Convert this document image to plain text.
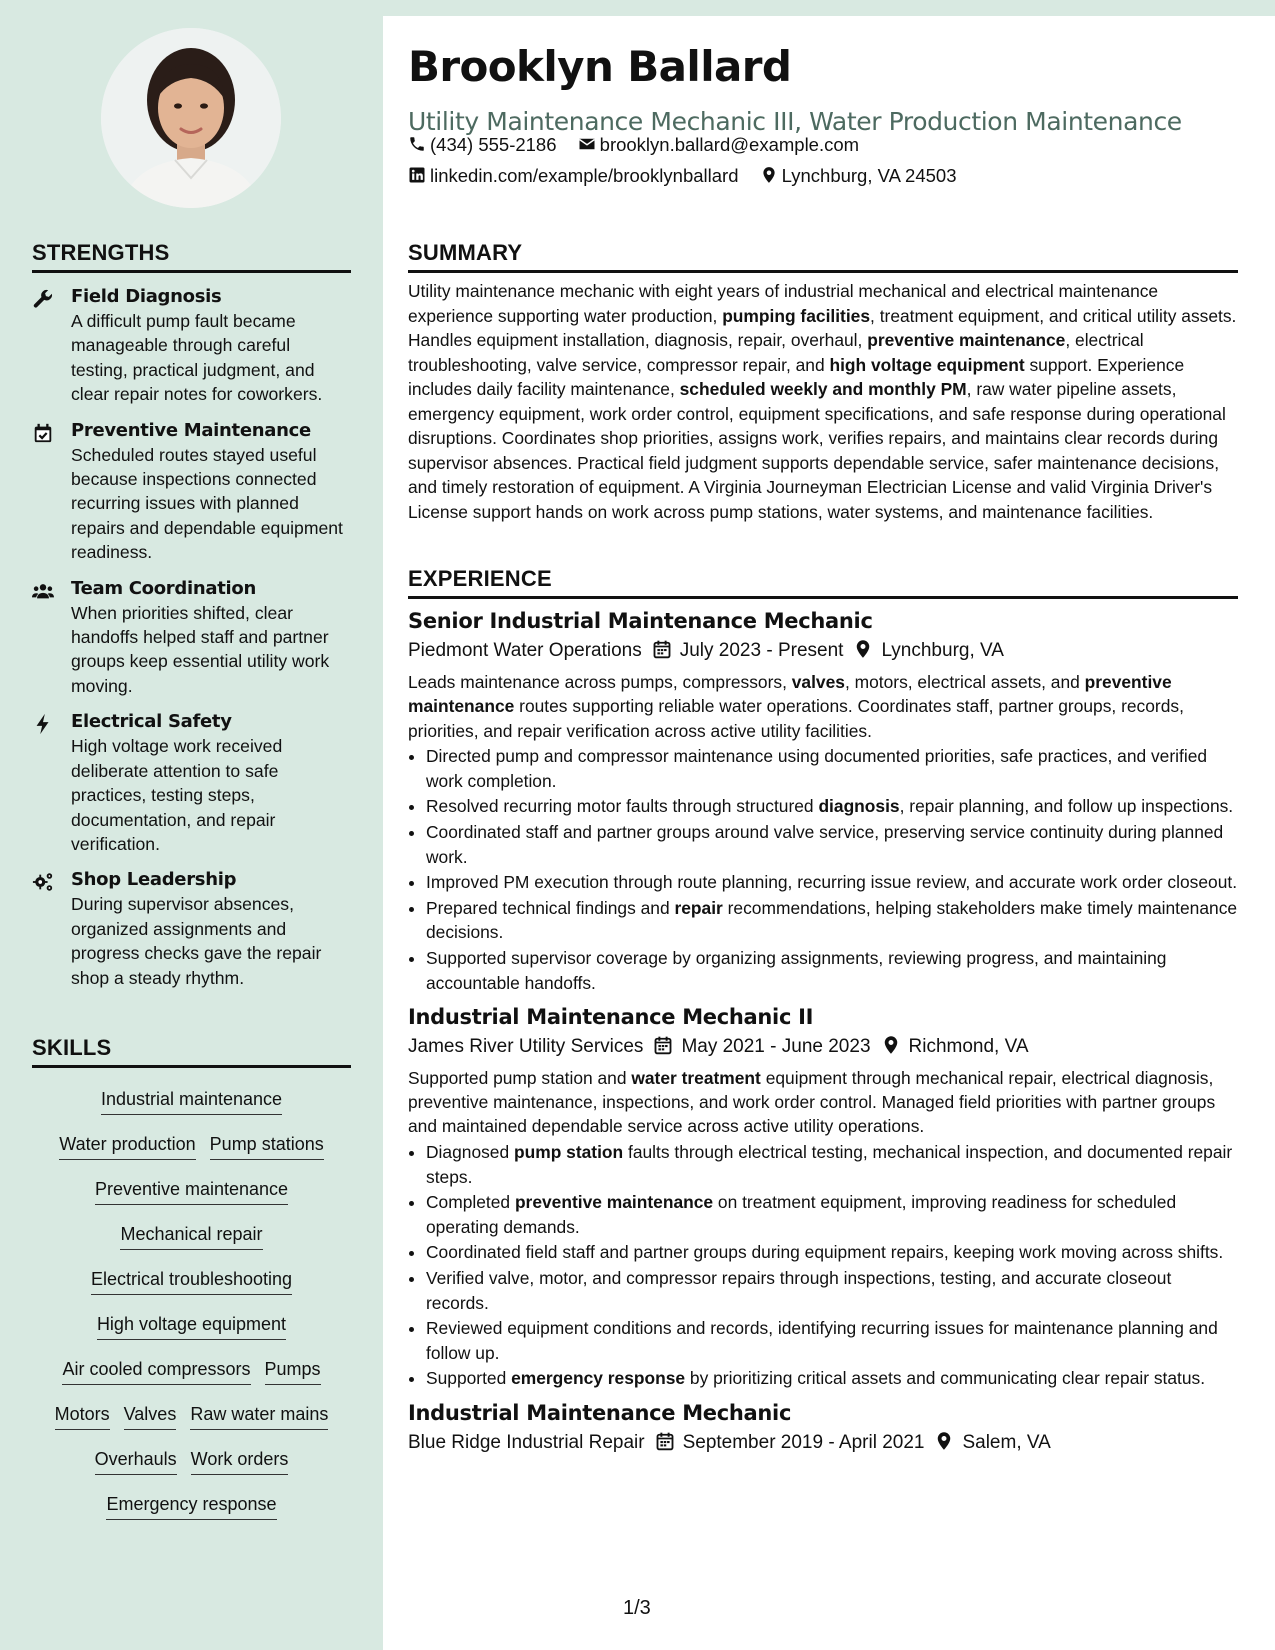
STRENGTHS
Field Diagnosis
A difficult pump fault became manageable through careful testing, practical judgment, and clear repair notes for coworkers.
Preventive Maintenance
Scheduled routes stayed useful because inspections connected recurring issues with planned repairs and dependable equipment readiness.
Team Coordination
When priorities shifted, clear handoffs helped staff and partner groups keep essential utility work moving.
Electrical Safety
High voltage work received deliberate attention to safe practices, testing steps, documentation, and repair verification.
Shop Leadership
During supervisor absences, organized assignments and progress checks gave the repair shop a steady rhythm.
SKILLS
Industrial maintenance
Water production Pump stations
Preventive maintenance
Mechanical repair
Electrical troubleshooting
High voltage equipment
Air cooled compressors Pumps
Motors Valves Raw water mains
Overhauls Work orders
Emergency response
Brooklyn Ballard
Utility Maintenance Mechanic III, Water Production Maintenance
(434) 555-2186 brooklyn.ballard@example.com
linkedin.com/example/brooklynballard Lynchburg, VA 24503
SUMMARY

Utility maintenance mechanic with eight years of industrial mechanical and electrical maintenance experience supporting water production, pumping facilities, treatment equipment, and critical utility assets. Handles equipment installation, diagnosis, repair, overhaul, preventive maintenance, electrical troubleshooting, valve service, compressor repair, and high voltage equipment support. Experience includes daily facility maintenance, scheduled weekly and monthly PM, raw water pipeline assets, emergency equipment, work order control, equipment specifications, and safe response during operational disruptions. Coordinates shop priorities, assigns work, verifies repairs, and maintains clear records during supervisor absences. Practical field judgment supports dependable service, safer maintenance decisions, and timely restoration of equipment. A Virginia Journeyman Electrician License and valid Virginia Driver's License support hands on work across pump stations, water systems, and maintenance facilities.

EXPERIENCE
Senior Industrial Maintenance Mechanic
Piedmont Water Operations July 2023 - Present Lynchburg, VA
Leads maintenance across pumps, compressors, valves, motors, electrical assets, and preventive maintenance routes supporting reliable water operations. Coordinates staff, partner groups, records, priorities, and repair verification across active utility facilities.
• Directed pump and compressor maintenance using documented priorities, safe practices, and verified work completion.
• Resolved recurring motor faults through structured diagnosis, repair planning, and follow up inspections.
• Coordinated staff and partner groups around valve service, preserving service continuity during planned work.
• Improved PM execution through route planning, recurring issue review, and accurate work order closeout.
• Prepared technical findings and repair recommendations, helping stakeholders make timely maintenance decisions.
• Supported supervisor coverage by organizing assignments, reviewing progress, and maintaining accountable handoffs.
Industrial Maintenance Mechanic II
James River Utility Services May 2021 - June 2023 Richmond, VA
Supported pump station and water treatment equipment through mechanical repair, electrical diagnosis, preventive maintenance, inspections, and work order control. Managed field priorities with partner groups and maintained dependable service across active utility operations.
• Diagnosed pump station faults through electrical testing, mechanical inspection, and documented repair steps.
• Completed preventive maintenance on treatment equipment, improving readiness for scheduled operating demands.
• Coordinated field staff and partner groups during equipment repairs, keeping work moving across shifts.
• Verified valve, motor, and compressor repairs through inspections, testing, and accurate closeout records.
• Reviewed equipment conditions and records, identifying recurring issues for maintenance planning and follow up.
• Supported emergency response by prioritizing critical assets and communicating clear repair status.
Industrial Maintenance Mechanic
Blue Ridge Industrial Repair September 2019 - April 2021 Salem, VA
1/3
